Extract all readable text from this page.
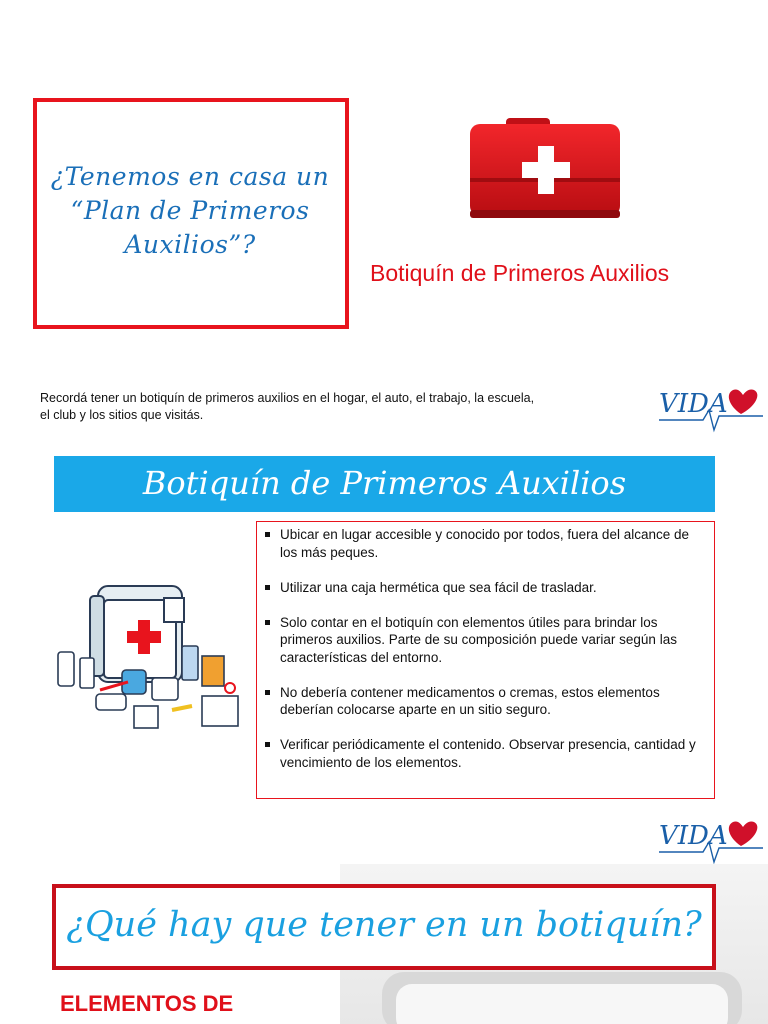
¿Tenemos en casa un
“Plan de Primeros
Auxilios”?
Botiquín de Primeros Auxilios
Recordá tener un botiquín de primeros auxilios en el hogar, el auto, el trabajo, la escuela,
el club y los sitios que visitás.	VIDA
Botiquín de Primeros Auxilios
Ubicar en lugar accesible y conocido por todos, fuera del alcance de los más peques.
Utilizar una caja hermética que sea fácil de trasladar.
Solo contar en el botiquín con elementos útiles para brindar los primeros auxilios. Parte de su composición puede variar según las características del entorno.
No debería contener medicamentos o cremas, estos elementos deberían colocarse aparte en un sitio seguro.
Verificar periódicamente el contenido. Observar presencia, cantidad y vencimiento de los elementos.
VIDA
¿Qué hay que tener en un botiquín?
ELEMENTOS DE
